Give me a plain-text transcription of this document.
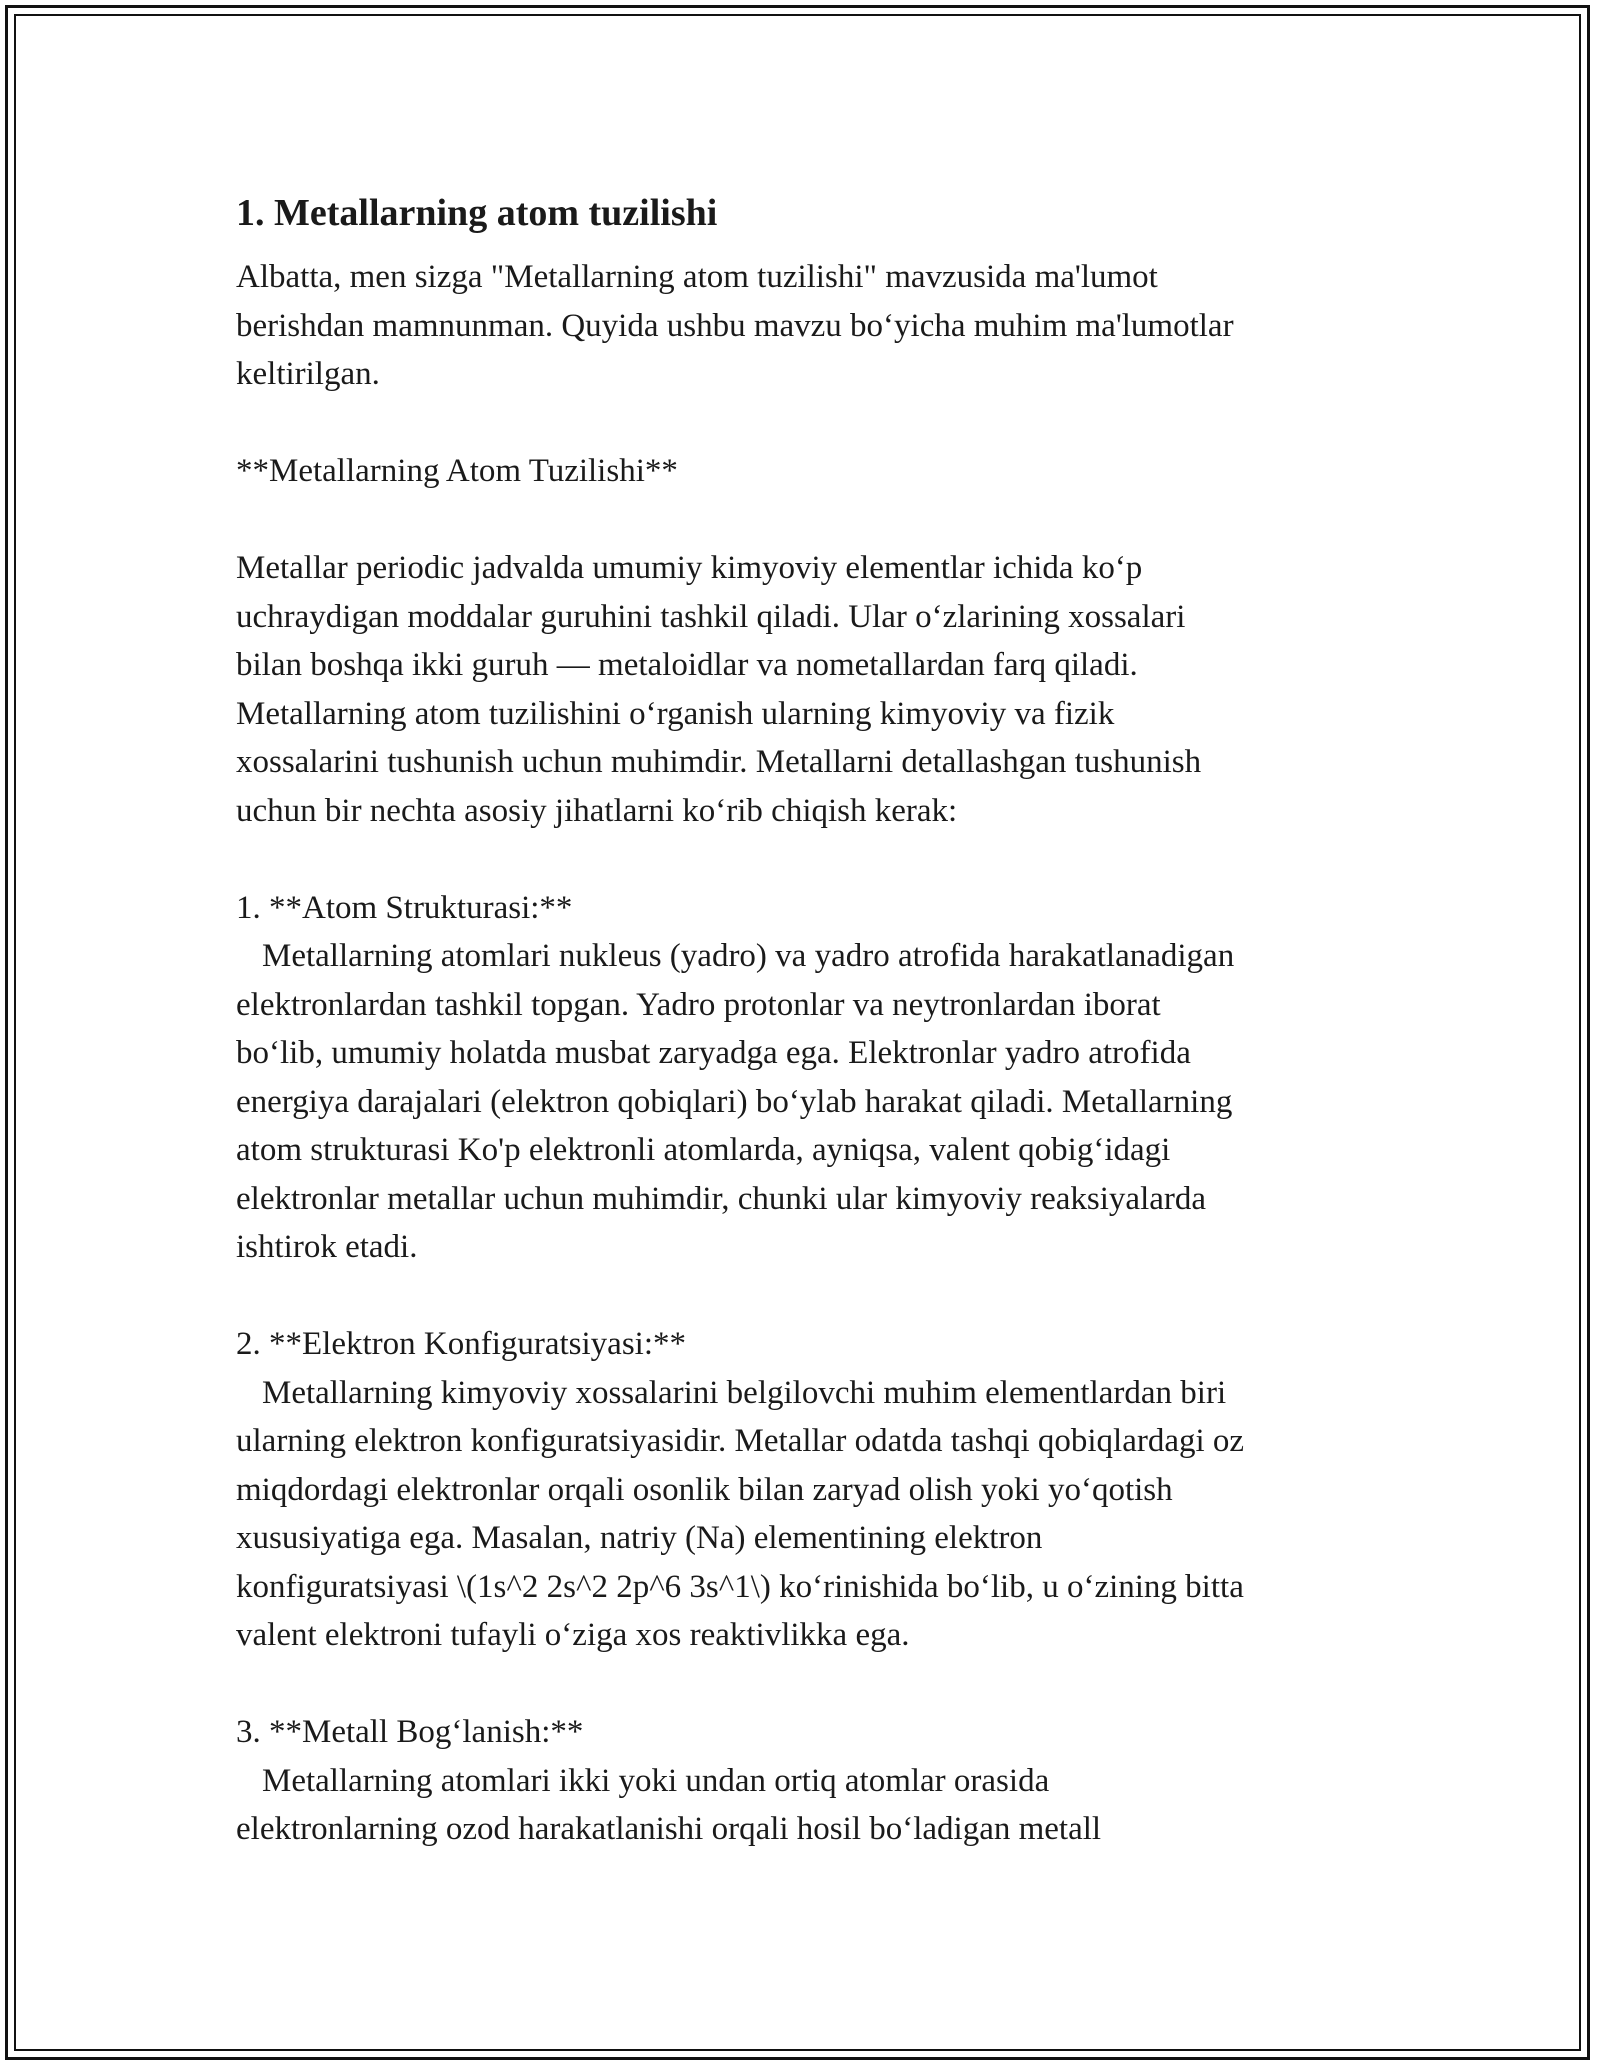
1. Metallarning atom tuzilishi
Albatta, men sizga "Metallarning atom tuzilishi" mavzusida ma'lumot
berishdan mamnunman. Quyida ushbu mavzu bo‘yicha muhim ma'lumotlar
keltirilgan.
**Metallarning Atom Tuzilishi**
Metallar periodic jadvalda umumiy kimyoviy elementlar ichida ko‘p
uchraydigan moddalar guruhini tashkil qiladi. Ular o‘zlarining xossalari
bilan boshqa ikki guruh — metaloidlar va nometallardan farq qiladi.
Metallarning atom tuzilishini o‘rganish ularning kimyoviy va fizik
xossalarini tushunish uchun muhimdir. Metallarni detallashgan tushunish
uchun bir nechta asosiy jihatlarni ko‘rib chiqish kerak:
1. **Atom Strukturasi:**
Metallarning atomlari nukleus (yadro) va yadro atrofida harakatlanadigan
elektronlardan tashkil topgan. Yadro protonlar va neytronlardan iborat
bo‘lib, umumiy holatda musbat zaryadga ega. Elektronlar yadro atrofida
energiya darajalari (elektron qobiqlari) bo‘ylab harakat qiladi. Metallarning
atom strukturasi Ko'p elektronli atomlarda, ayniqsa, valent qobig‘idagi
elektronlar metallar uchun muhimdir, chunki ular kimyoviy reaksiyalarda
ishtirok etadi.
2. **Elektron Konfiguratsiyasi:**
Metallarning kimyoviy xossalarini belgilovchi muhim elementlardan biri
ularning elektron konfiguratsiyasidir. Metallar odatda tashqi qobiqlardagi oz
miqdordagi elektronlar orqali osonlik bilan zaryad olish yoki yo‘qotish
xususiyatiga ega. Masalan, natriy (Na) elementining elektron
konfiguratsiyasi \(1s^2 2s^2 2p^6 3s^1\) ko‘rinishida bo‘lib, u o‘zining bitta
valent elektroni tufayli o‘ziga xos reaktivlikka ega.
3. **Metall Bog‘lanish:**
Metallarning atomlari ikki yoki undan ortiq atomlar orasida
elektronlarning ozod harakatlanishi orqali hosil bo‘ladigan metall
